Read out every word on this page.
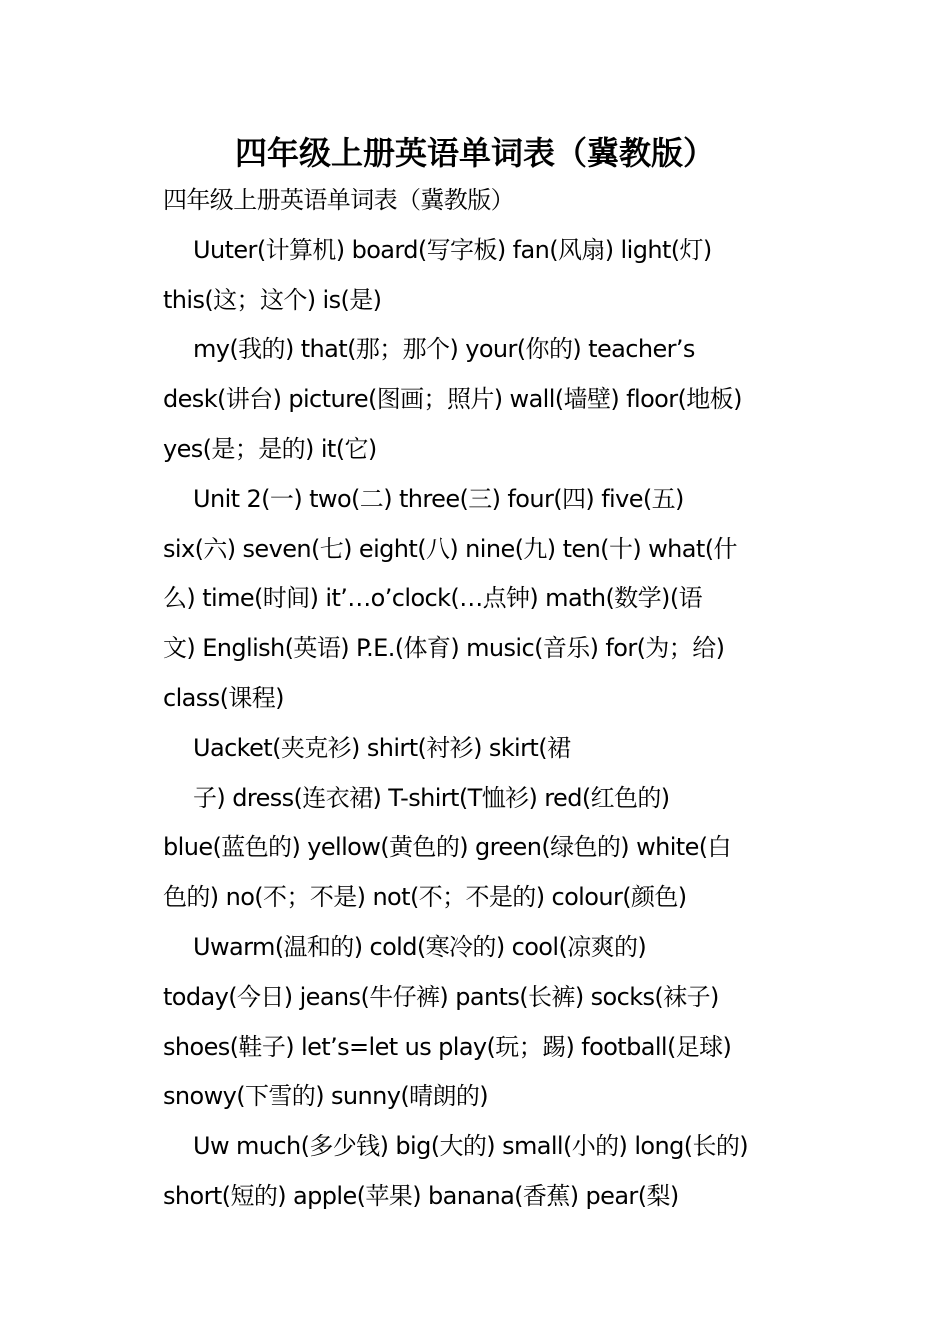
四年级上册英语单词表（冀教版）
四年级上册英语单词表（冀教版）
Uuter(计算机) board(写字板) fan(风扇) light(灯)
this(这；这个) is(是)
my(我的) that(那；那个) your(你的) teacher’s
desk(讲台) picture(图画；照片) wall(墙壁) floor(地板)
yes(是；是的) it(它)
Unit 2(一) two(二) three(三) four(四) five(五)
six(六) seven(七) eight(八) nine(九) ten(十) what(什
么) time(时间) it’…o’clock(…点钟) math(数学)(语
文) English(英语) P.E.(体育) music(音乐) for(为；给)
class(课程)
Uacket(夹克衫) shirt(衬衫) skirt(裙
子) dress(连衣裙) T-shirt(T恤衫) red(红色的)
blue(蓝色的) yellow(黄色的) green(绿色的) white(白
色的) no(不；不是) not(不；不是的) colour(颜色)
Uwarm(温和的) cold(寒冷的) cool(凉爽的)
today(今日) jeans(牛仔裤) pants(长裤) socks(袜子)
shoes(鞋子) let’s=let us play(玩；踢) football(足球)
snowy(下雪的) sunny(晴朗的)
Uw much(多少钱) big(大的) small(小的) long(长的)
short(短的) apple(苹果) banana(香蕉) pear(梨)
